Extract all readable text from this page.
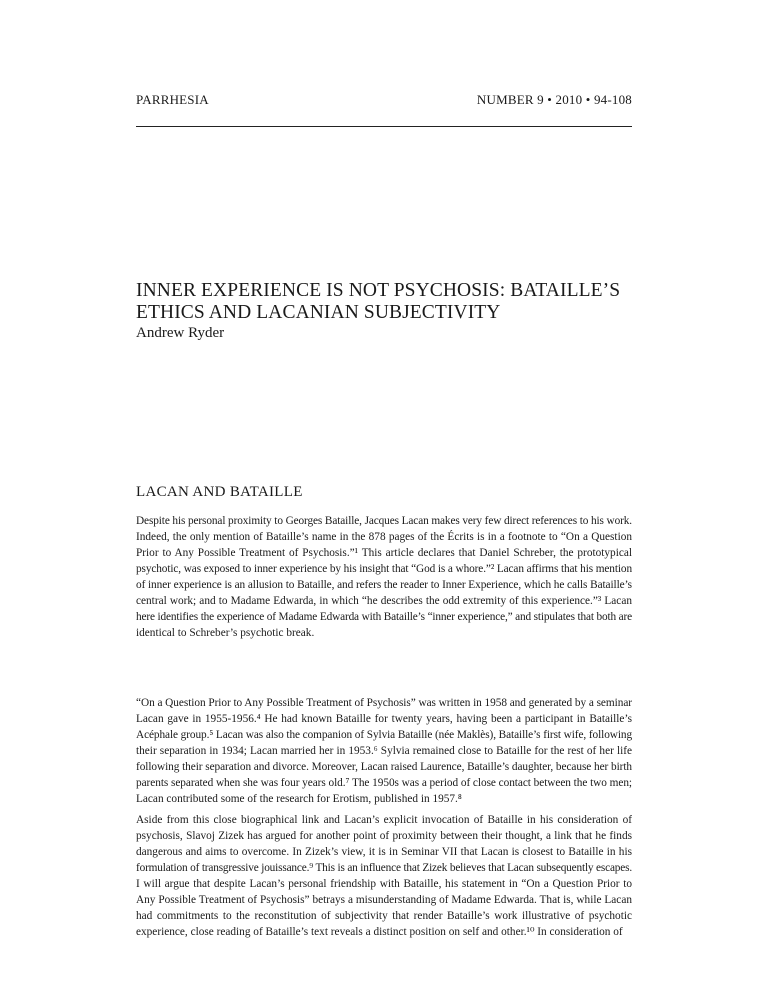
PARRHESIA	NUMBER 9 • 2010 • 94-108
INNER EXPERIENCE IS NOT PSYCHOSIS: BATAILLE’S
ETHICS AND LACANIAN SUBJECTIVITY
Andrew Ryder
LACAN AND BATAILLE
Despite his personal proximity to Georges Bataille, Jacques Lacan makes very few direct references to his work.
Indeed, the only mention of Bataille’s name in the 878 pages of the Écrits is in a footnote to “On a Question
Prior to Any Possible Treatment of Psychosis.”¹ This article declares that Daniel Schreber, the prototypical
psychotic, was exposed to inner experience by his insight that “God is a whore.”² Lacan affirms that his mention
of inner experience is an allusion to Bataille, and refers the reader to Inner Experience, which he calls Bataille’s
central work; and to Madame Edwarda, in which “he describes the odd extremity of this experience.”³ Lacan
here identifies the experience of Madame Edwarda with Bataille’s “inner experience,” and stipulates that both are
identical to Schreber’s psychotic break.
“On a Question Prior to Any Possible Treatment of Psychosis” was written in 1958 and generated by a seminar
Lacan gave in 1955-1956.⁴ He had known Bataille for twenty years, having been a participant in Bataille’s
Acéphale group.⁵ Lacan was also the companion of Sylvia Bataille (née Maklès), Bataille’s first wife, following
their separation in 1934; Lacan married her in 1953.⁶ Sylvia remained close to Bataille for the rest of her life
following their separation and divorce. Moreover, Lacan raised Laurence, Bataille’s daughter, because her birth
parents separated when she was four years old.⁷ The 1950s was a period of close contact between the two men;
Lacan contributed some of the research for Erotism, published in 1957.⁸
Aside from this close biographical link and Lacan’s explicit invocation of Bataille in his consideration of
psychosis, Slavoj Zizek has argued for another point of proximity between their thought, a link that he finds
dangerous and aims to overcome. In Zizek’s view, it is in Seminar VII that Lacan is closest to Bataille in his
formulation of transgressive jouissance.⁹ This is an influence that Zizek believes that Lacan subsequently escapes.
I will argue that despite Lacan’s personal friendship with Bataille, his statement in “On a Question Prior to
Any Possible Treatment of Psychosis” betrays a misunderstanding of Madame Edwarda. That is, while Lacan
had commitments to the reconstitution of subjectivity that render Bataille’s work illustrative of psychotic
experience, close reading of Bataille’s text reveals a distinct position on self and other.¹⁰ In consideration of
